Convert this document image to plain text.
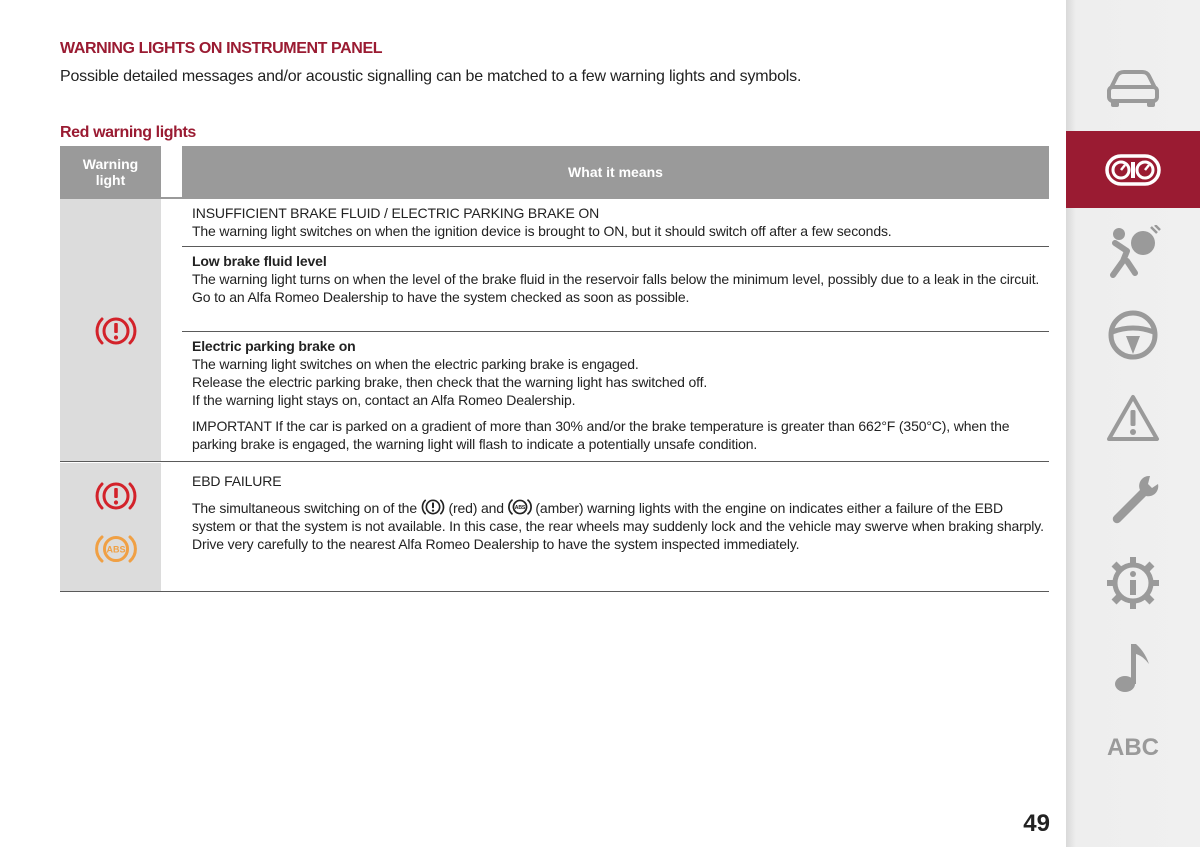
WARNING LIGHTS ON INSTRUMENT PANEL
Possible detailed messages and/or acoustic signalling can be matched to a few warning lights and symbols.
Red warning lights
Warning light	What it means

INSUFFICIENT BRAKE FLUID / ELECTRIC PARKING BRAKE ON

The warning light switches on when the ignition device is brought to ON, but it should switch off after a few seconds.

Low brake fluid level

The warning light turns on when the level of the brake fluid in the reservoir falls below the minimum level, possibly due to a leak in the circuit.

Go to an Alfa Romeo Dealership to have the system checked as soon as possible.

Electric parking brake on

The warning light switches on when the electric parking brake is engaged.

Release the electric parking brake, then check that the warning light has switched off.

If the warning light stays on, contact an Alfa Romeo Dealership.

IMPORTANT If the car is parked on a gradient of more than 30% and/or the brake temperature is greater than 662°F (350°C), when the parking brake is engaged, the warning light will flash to indicate a potentially unsafe condition.

ABS

EBD FAILURE

The simultaneous switching on of the (red) and ABS (amber) warning lights with the engine on indicates either a failure of the EBD system or that the system is not available. In this case, the rear wheels may suddenly lock and the vehicle may swerve when braking sharply.

Drive very carefully to the nearest Alfa Romeo Dealership to have the system inspected immediately.

ABC
49
